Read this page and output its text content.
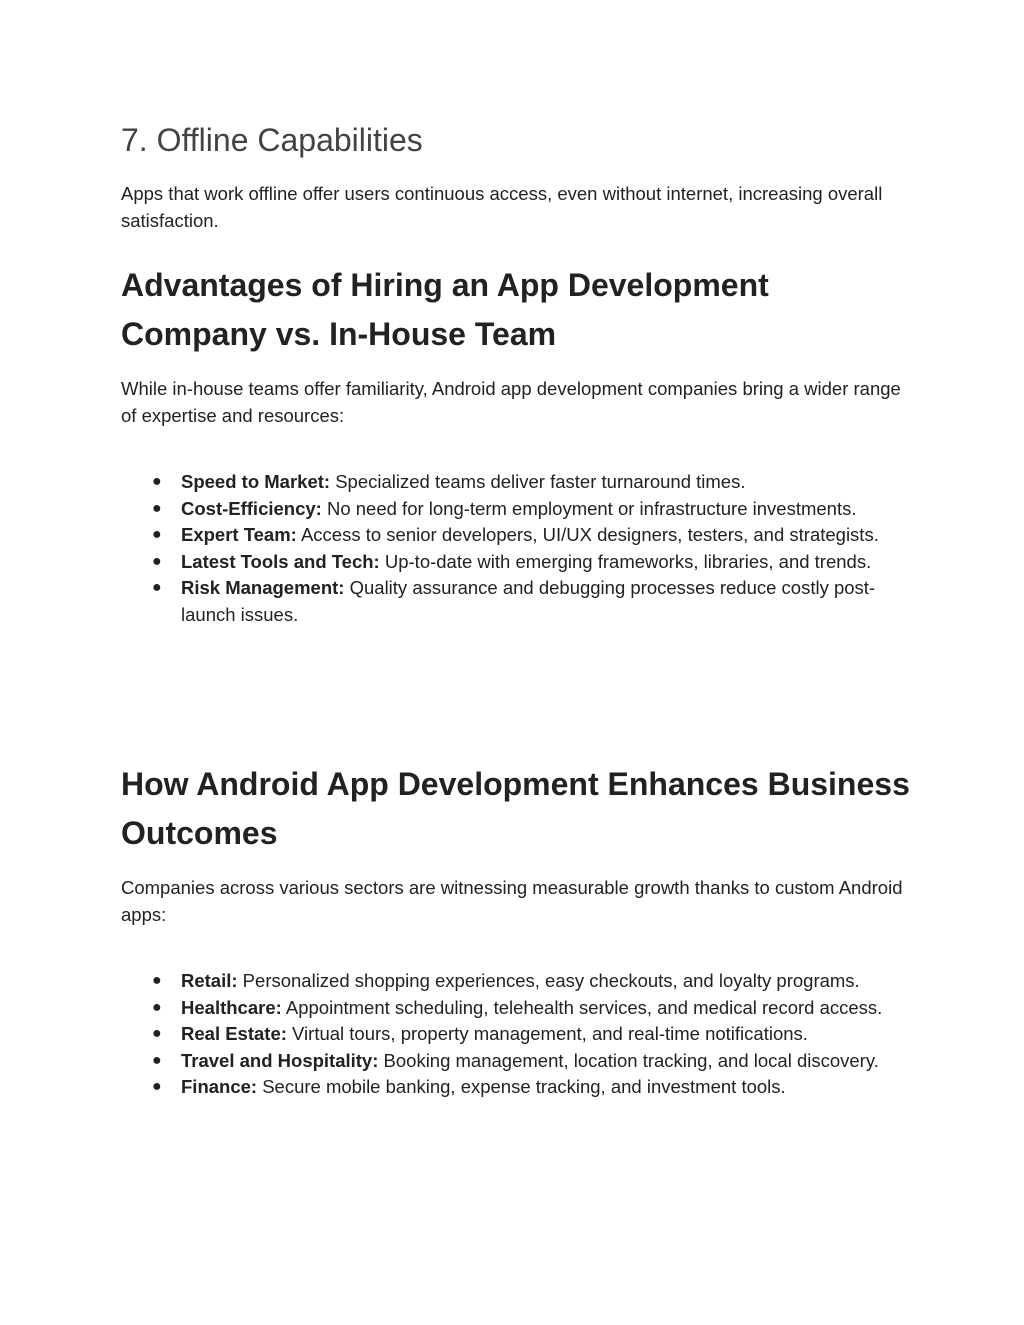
7. Offline Capabilities

Apps that work offline offer users continuous access, even without internet, increasing overall satisfaction.

Advantages of Hiring an App Development Company vs. In-House Team

While in-house teams offer familiarity, Android app development companies bring a wider range of expertise and resources:

● Speed to Market: Specialized teams deliver faster turnaround times.
● Cost-Efficiency: No need for long-term employment or infrastructure investments.
● Expert Team: Access to senior developers, UI/UX designers, testers, and strategists.
● Latest Tools and Tech: Up-to-date with emerging frameworks, libraries, and trends.
● Risk Management: Quality assurance and debugging processes reduce costly post-launch issues.
How Android App Development Enhances Business Outcomes

Companies across various sectors are witnessing measurable growth thanks to custom Android apps:

● Retail: Personalized shopping experiences, easy checkouts, and loyalty programs.
● Healthcare: Appointment scheduling, telehealth services, and medical record access.
● Real Estate: Virtual tours, property management, and real-time notifications.
● Travel and Hospitality: Booking management, location tracking, and local discovery.
● Finance: Secure mobile banking, expense tracking, and investment tools.
